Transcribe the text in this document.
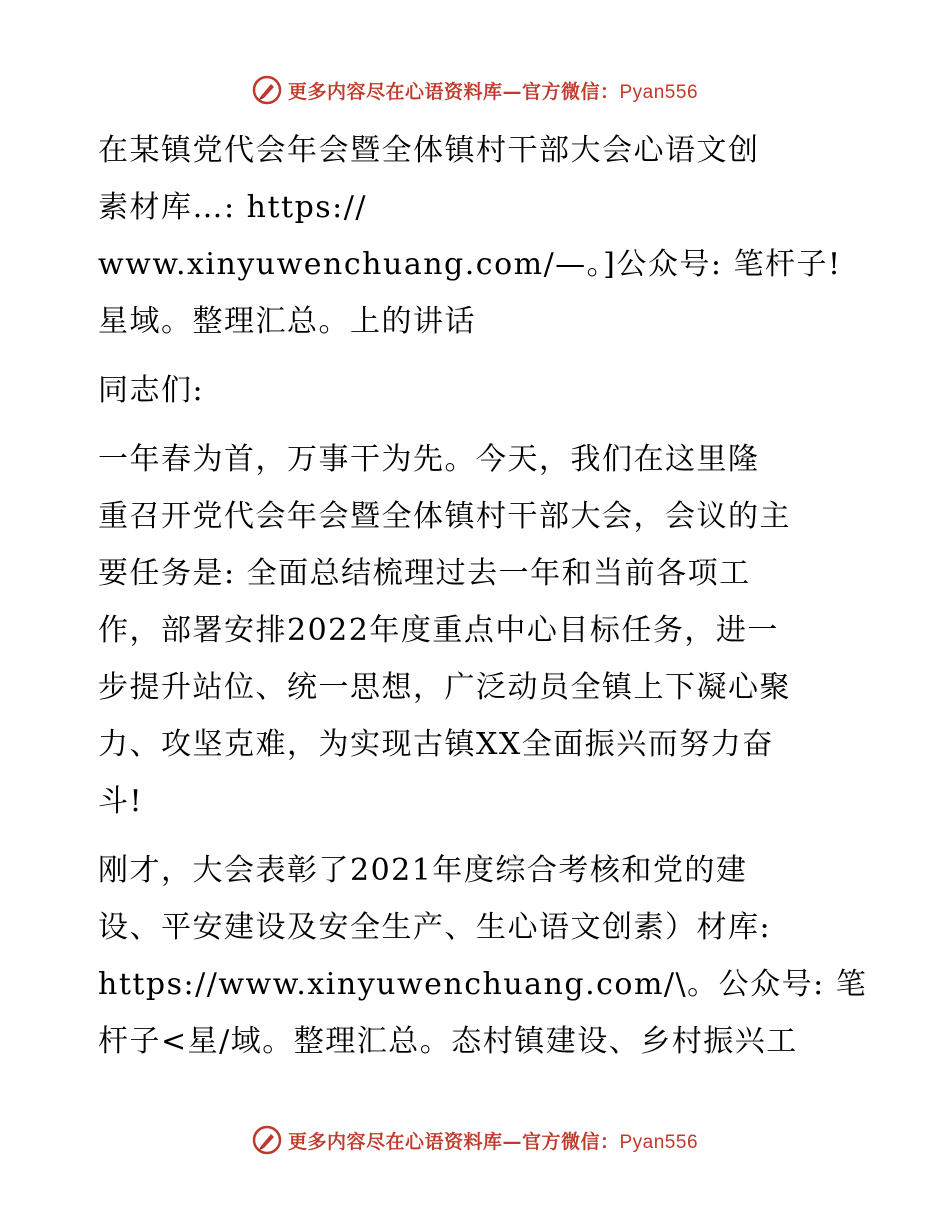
更多内容尽在心语资料库—官方微信：Pyan556

在某镇党代会年会暨全体镇村干部大会心语文创
素材库…: https://
www.xinyuwenchuang.com/—。]公众号: 笔杆子!
星域。整理汇总。上的讲话

同志们:

一年春为首，万事干为先。今天，我们在这里隆
重召开党代会年会暨全体镇村干部大会，会议的主
要任务是: 全面总结梳理过去一年和当前各项工
作，部署安排2022年度重点中心目标任务，进一
步提升站位、统一思想，广泛动员全镇上下凝心聚
力、攻坚克难，为实现古镇XX全面振兴而努力奋
斗!

刚才，大会表彰了2021年度综合考核和党的建
设、平安建设及安全生产、生心语文创素）材库:
https://www.xinyuwenchuang.com/\。公众号: 笔
杆子<星/域。整理汇总。态村镇建设、乡村振兴工

更多内容尽在心语资料库—官方微信：Pyan556
